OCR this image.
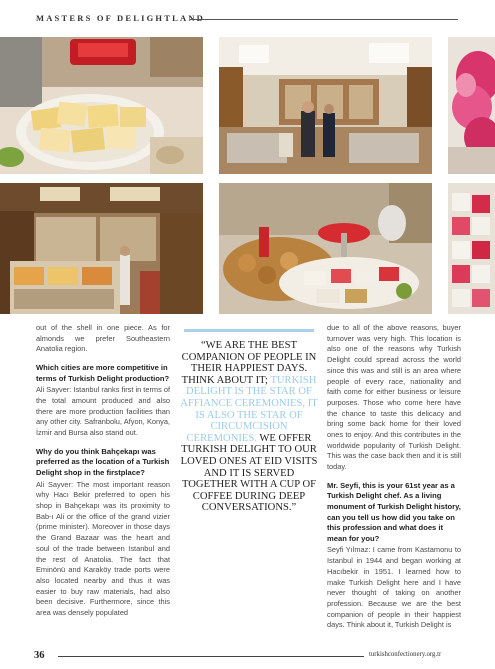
MASTERS OF DELIGHTLAND

out of the shell in one piece. As for almonds we prefer Southeastern Anatolia region.

Which cities are more competitive in terms of Turkish Delight production?

Ali Sayver: Istanbul ranks first in terms of the total amount produced and also there are more production facilities than any other city. Safranbolu, Afyon, Konya, İzmir and Bursa also stand out.

Why do you think Bahçekapı was preferred as the location of a Turkish Delight shop in the firstplace?

Ali Sayver: The most important reason why Hacı Bekir preferred to open his shop in Bahçekapı was its proximity to Bab-ı Ali or the office of the grand vizier (prime minister). Moreover in those days the Grand Bazaar was the heart and soul of the trade between Istanbul and the rest of Anatolia. The fact that Eminönü and Karaköy trade ports were also located nearby and thus it was easier to buy raw materials, had also been decisive. Furthermore, since this area was densely populated

“WE ARE THE BEST COMPANION OF PEOPLE IN THEIR HAPPIEST DAYS. THINK ABOUT IT; TURKISH DELIGHT IS THE STAR OF AFFIANCE CEREMONIES, IT IS ALSO THE STAR OF CIRCUMCISION CEREMONIES. WE OFFER TURKISH DELIGHT TO OUR LOVED ONES AT EID VISITS AND IT IS SERVED TOGETHER WITH A CUP OF COFFEE DURING DEEP CONVERSATIONS.”

due to all of the above reasons, buyer turnover was very high. This location is also one of the reasons why Turkish Delight could spread across the world since this was and still is an area where people of every race, nationality and faith come for either business or leisure purposes. Those who come here have the chance to taste this delicacy and bring some back home for their loved ones to enjoy. And this contributes in the worldwide popularity of Turkish Delight. This was the case back then and it is still today.

Mr. Seyfi, this is your 61st year as a Turkish Delight chef. As a living monument of Turkish Delight history, can you tell us how did you take on this profession and what does it mean for you?

Seyfi Yılmaz: I came from Kastamonu to Istanbul in 1944 and began working at Hacıbekir in 1951. I learned how to make Turkish Delight here and I have never thought of taking on another profession. Because we are the best companion of people in their happiest days. Think about it, Turkish Delight is

36	turkishconfectionery.org.tr
